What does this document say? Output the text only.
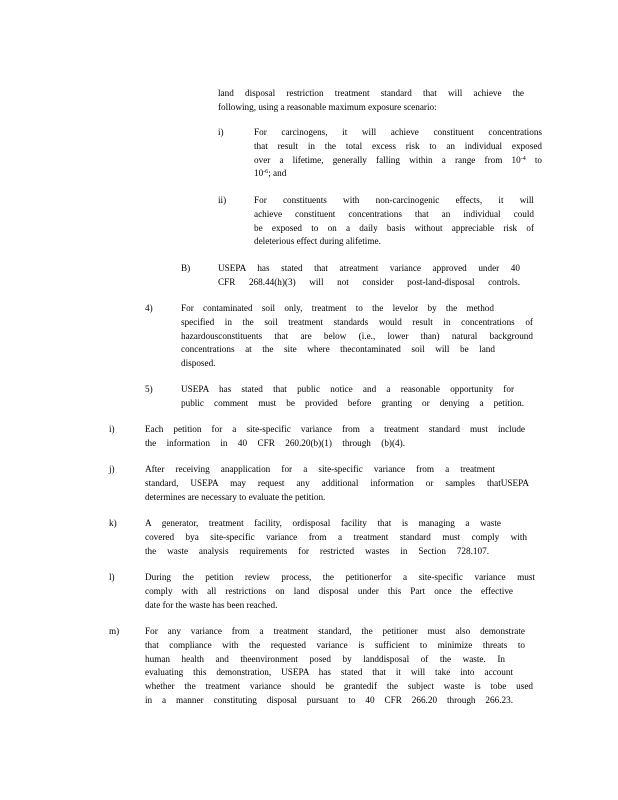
land disposal restriction treatment standard that will achieve the
following, using a reasonable maximum exposure scenario:
i)	For carcinogens, it will achieve constituent concentrations
that result in the total excess risk to an individual exposed
over a lifetime, generally falling within a range from $10^{-4}$ to
$10^{-6}$; and
ii)	For constituents with non-carcinogenic effects, it will
achieve constituent concentrations that an individual could
be exposed to on a daily basis without appreciable risk of
deleterious effect during alifetime.
B)	USEPA has stated that atreatment variance approved under 40
CFR 268.44(h)(3) will not consider post-land-disposal controls.
4)	For contaminated soil only, treatment to the levelor by the method
specified in the soil treatment standards would result in concentrations of
hazardousconstituents that are below (i.e., lower than) natural background
concentrations at the site where thecontaminated soil will be land
disposed.
5)	USEPA has stated that public notice and a reasonable opportunity for
public comment must be provided before granting or denying a petition.
i)	Each petition for a site-specific variance from a treatment standard must include
the information in 40 CFR 260.20(b)(1) through (b)(4).
j)	After receiving anapplication for a site-specific variance from a treatment
standard, USEPA may request any additional information or samples thatUSEPA
determines are necessary to evaluate the petition.
k)	A generator, treatment facility, ordisposal facility that is managing a waste
covered bya site-specific variance from a treatment standard must comply with
the waste analysis requirements for restricted wastes in Section 728.107.
l)	During the petition review process, the petitionerfor a site-specific variance must
comply with all restrictions on land disposal under this Part once the effective
date for the waste has been reached.
m)	For any variance from a treatment standard, the petitioner must also demonstrate
that compliance with the requested variance is sufficient to minimize threats to
human health and theenvironment posed by landdisposal of the waste. In
evaluating this demonstration, USEPA has stated that it will take into account
whether the treatment variance should be grantedif the subject waste is tobe used
in a manner constituting disposal pursuant to 40 CFR 266.20 through 266.23.
